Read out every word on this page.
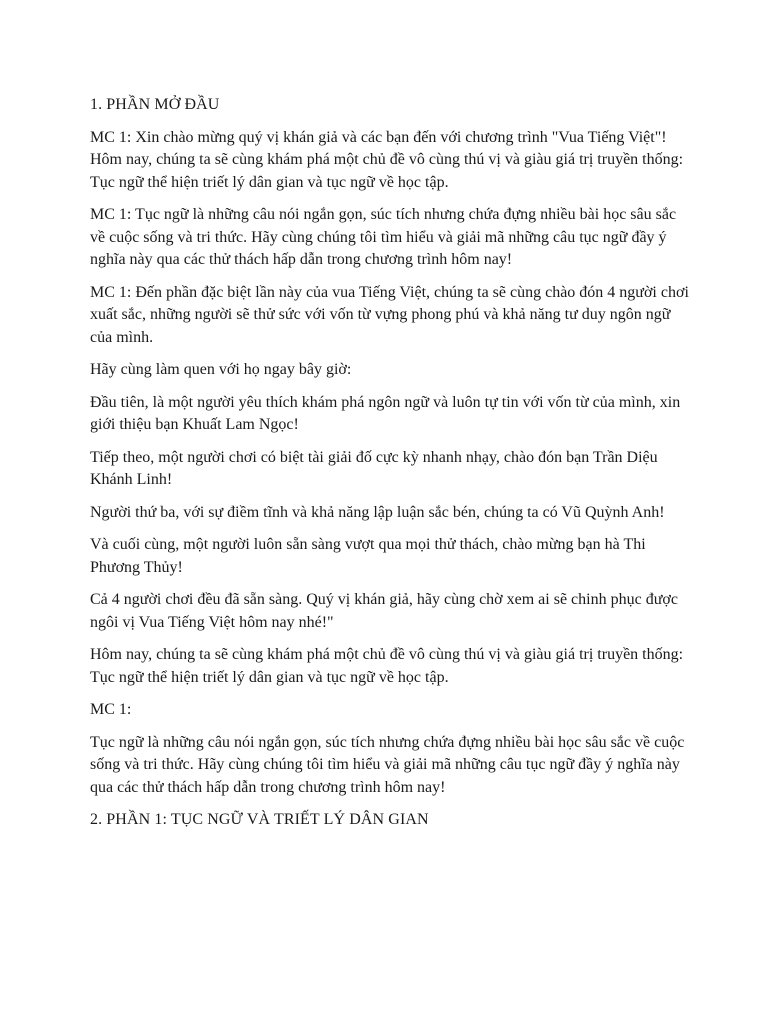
1. PHẦN MỞ ĐẦU

MC 1: Xin chào mừng quý vị khán giả và các bạn đến với chương trình "Vua Tiếng Việt"! Hôm nay, chúng ta sẽ cùng khám phá một chủ đề vô cùng thú vị và giàu giá trị truyền thống: Tục ngữ thể hiện triết lý dân gian và tục ngữ về học tập.

MC 1: Tục ngữ là những câu nói ngắn gọn, súc tích nhưng chứa đựng nhiều bài học sâu sắc về cuộc sống và tri thức. Hãy cùng chúng tôi tìm hiểu và giải mã những câu tục ngữ đầy ý nghĩa này qua các thử thách hấp dẫn trong chương trình hôm nay!

MC 1: Đến phần đặc biệt lần này của vua Tiếng Việt, chúng ta sẽ cùng chào đón 4 người chơi xuất sắc, những người sẽ thử sức với vốn từ vựng phong phú và khả năng tư duy ngôn ngữ của mình.

Hãy cùng làm quen với họ ngay bây giờ:

Đầu tiên, là một người yêu thích khám phá ngôn ngữ và luôn tự tin với vốn từ của mình, xin giới thiệu bạn Khuất Lam Ngọc!

Tiếp theo, một người chơi có biệt tài giải đố cực kỳ nhanh nhạy, chào đón bạn Trần Diệu Khánh Linh!

Người thứ ba, với sự điềm tĩnh và khả năng lập luận sắc bén, chúng ta có Vũ Quỳnh Anh!

Và cuối cùng, một người luôn sẵn sàng vượt qua mọi thử thách, chào mừng bạn hà Thi Phương Thủy!

Cả 4 người chơi đều đã sẵn sàng. Quý vị khán giả, hãy cùng chờ xem ai sẽ chinh phục được ngôi vị Vua Tiếng Việt hôm nay nhé!"

Hôm nay, chúng ta sẽ cùng khám phá một chủ đề vô cùng thú vị và giàu giá trị truyền thống: Tục ngữ thể hiện triết lý dân gian và tục ngữ về học tập.

MC 1:

Tục ngữ là những câu nói ngắn gọn, súc tích nhưng chứa đựng nhiều bài học sâu sắc về cuộc sống và tri thức. Hãy cùng chúng tôi tìm hiểu và giải mã những câu tục ngữ đầy ý nghĩa này qua các thử thách hấp dẫn trong chương trình hôm nay!

2. PHẦN 1: TỤC NGỮ VÀ TRIẾT LÝ DÂN GIAN
